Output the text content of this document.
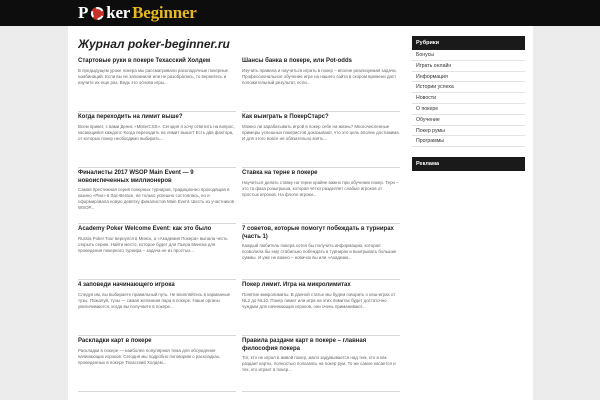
P ker Beginner
Журнал poker-beginner.ru
Стартовые руки в покере Техасский Холдем
В предыдущем уроке покера мы рассматривали раскладочные покерные комбинаций. Если вы не запомнили или не разобрались, то вернитесь и изучите их еще раз. Ведь это основа игры...
Шансы банка в покере, или Pot-odds
Изучить правила и научиться играть в покер – вполне реализуемая задача. Профессиональное обучение игре на нашего сайта в скором времени даст положительный результат, если...
Когда переходить на лимит выше?
Всем привет, с вами Денис «MisterCSS». Сегодня я хочу ответить на вопрос, касающийся каждого: Когда переходить на лимит выше? Есть два фактора, от которых покер необходимо выбирать...
Как выиграть в ПокерСтарс?
Можно ли зарабатывать игрой в покер себе на жизнь? Многочисленные примеры успешных покеристов доказывают, что это цель вполне достижима. И для этого вовсе не обязательно взять...
Финалисты 2017 WSOP Main Event — 9 новоиспеченных миллионеров
Самая престижная серия покерных турниров, традиционно проходящая в казино «Рио» в Лас-Вегасе, не только успешно состоялась, но и сформировала новую девятку финалистов Main Event. Шесть из участников WSOP...
Ставка на терне в покере
Научиться делать ставку на терне крайне важно при обучении покер. Терн – это та фаза розыгрыша, которая чётко разделяет слабые игроков от простых игроков. На флопе игроки...
Academy Poker Welcome Event: как это было
Russia Poker Tour вернулся в Минск, а «Академия Покера» выпала честь открыть серию. Найти место, которое будет для Пьера Минска для проведения покерного турнира – задача не из простых...
7 советов, которые помогут побеждать в турнирах (часть 1)
Каждый любитель покера хотел бы получить информацию, которая позволила бы ему стабильно побеждать в турнирах и выигрывать большие суммы. И уже не важно – новичок вы или «Академи...
4 заповеди начинающего игрока
Следуя им, вы выбираете правильный путь. Не влипляйтесь в карманные тузы. Пожалуй, тузы — самая желанная пара в покере. Наши органы увеличиваются, когда вы получаете в покере...
Покер лимит. Игра на микролимитах
Понятие микролимиты. В данной статье мы будем говорить о кеш-играх от NL2 до NL10. Покер лимит или игра на этих лимитах будет достаточно чуждым для начинающих игроков, они очень приманивают...
Раскладки карт в покере
Раскладки в покере — наиболее популярная тема для обсуждения начинающих игроков. Сегодня мы подробно поговорим о раскладках, проведенных в покере Техасский Холдем...
Правила раздачи карт в покере – главная философия покера
Тот, кто не играл в живой покер, мало задумывается над тем, кто и как раздает карты, полностью полагаясь на покер рум. То же самое касается и тех, кто играет в покер...
Рубрики
Бонусы
Играть онлайн
Информация
Истории успеха
Новости
О покере
Обучение
Покер румы
Программы
Реклама
